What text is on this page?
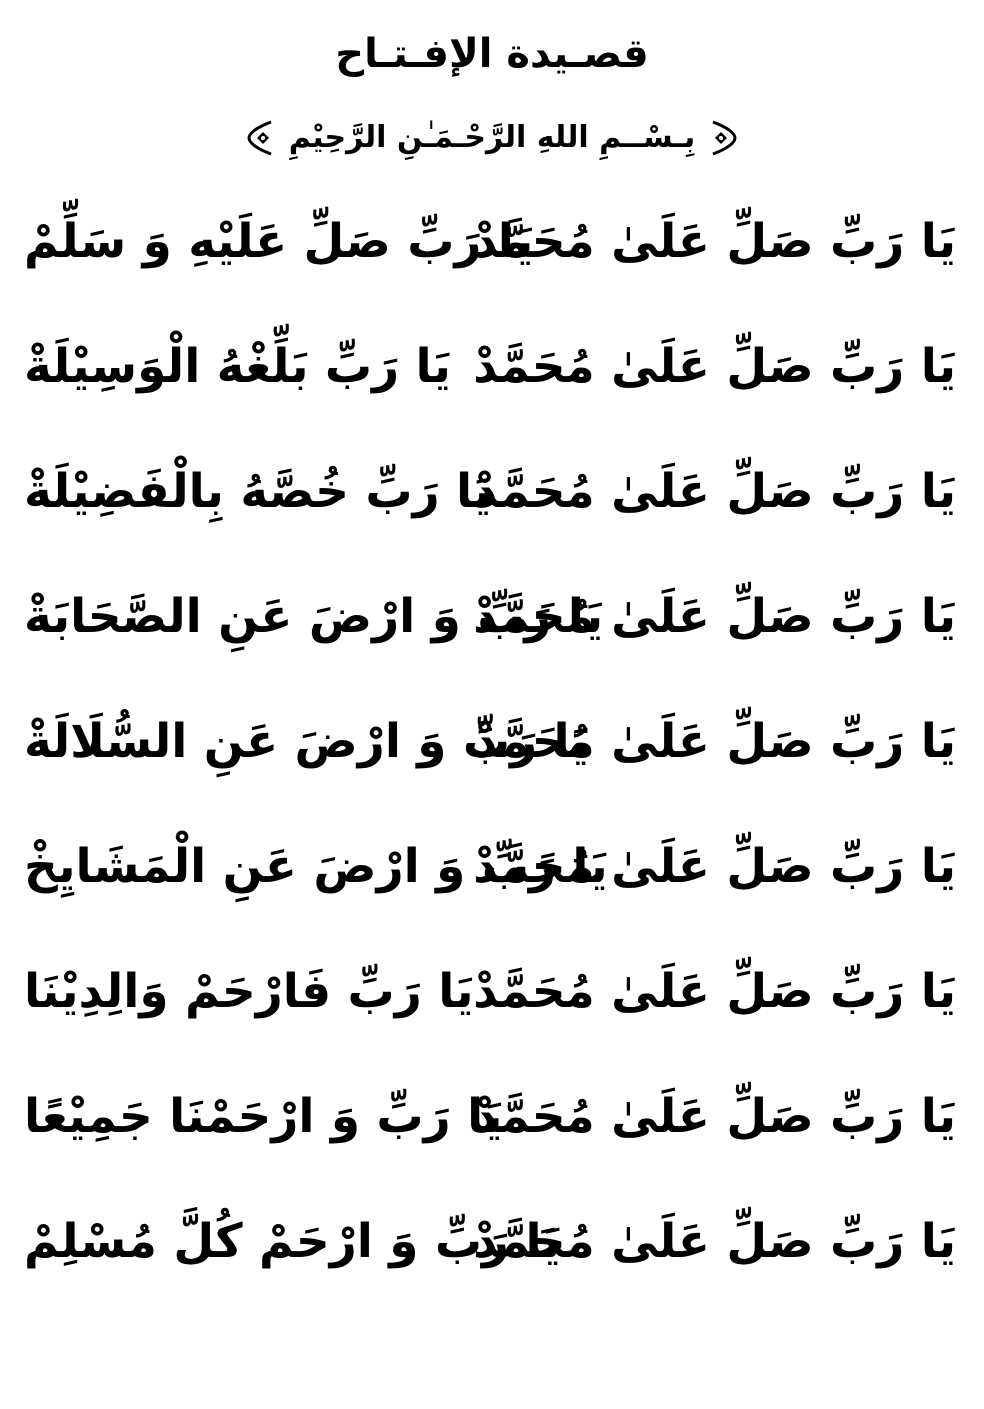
قصـيدة الإفـتـاح
بِـسْــمِ اللهِ الرَّحْـمَـٰنِ الرَّحِيْمِ
يَا رَبِّ صَلِّ عَلَىٰ مُحَمَّدْ
يَا رَبِّ صَلِّ عَلَيْهِ وَ سَلِّمْ
يَا رَبِّ صَلِّ عَلَىٰ مُحَمَّدْ
يَا رَبِّ بَلِّغْهُ الْوَسِيْلَةْ
يَا رَبِّ صَلِّ عَلَىٰ مُحَمَّدْ
يَا رَبِّ خُصَّهُ بِالْفَضِيْلَةْ
يَا رَبِّ صَلِّ عَلَىٰ مُحَمَّدْ
يَا رَبِّ وَ ارْضَ عَنِ الصَّحَابَةْ
يَا رَبِّ صَلِّ عَلَىٰ مُحَمَّدْ
يَا رَبِّ وَ ارْضَ عَنِ السُّلَالَةْ
يَا رَبِّ صَلِّ عَلَىٰ مُحَمَّدْ
يَا رَبِّ وَ ارْضَ عَنِ الْمَشَايِخْ
يَا رَبِّ صَلِّ عَلَىٰ مُحَمَّدْ
يَا رَبِّ فَارْحَمْ وَالِدِيْنَا
يَا رَبِّ صَلِّ عَلَىٰ مُحَمَّدْ
يَا رَبِّ وَ ارْحَمْنَا جَمِيْعًا
يَا رَبِّ صَلِّ عَلَىٰ مُحَمَّدْ
يَا رَبِّ وَ ارْحَمْ كُلَّ مُسْلِمْ
